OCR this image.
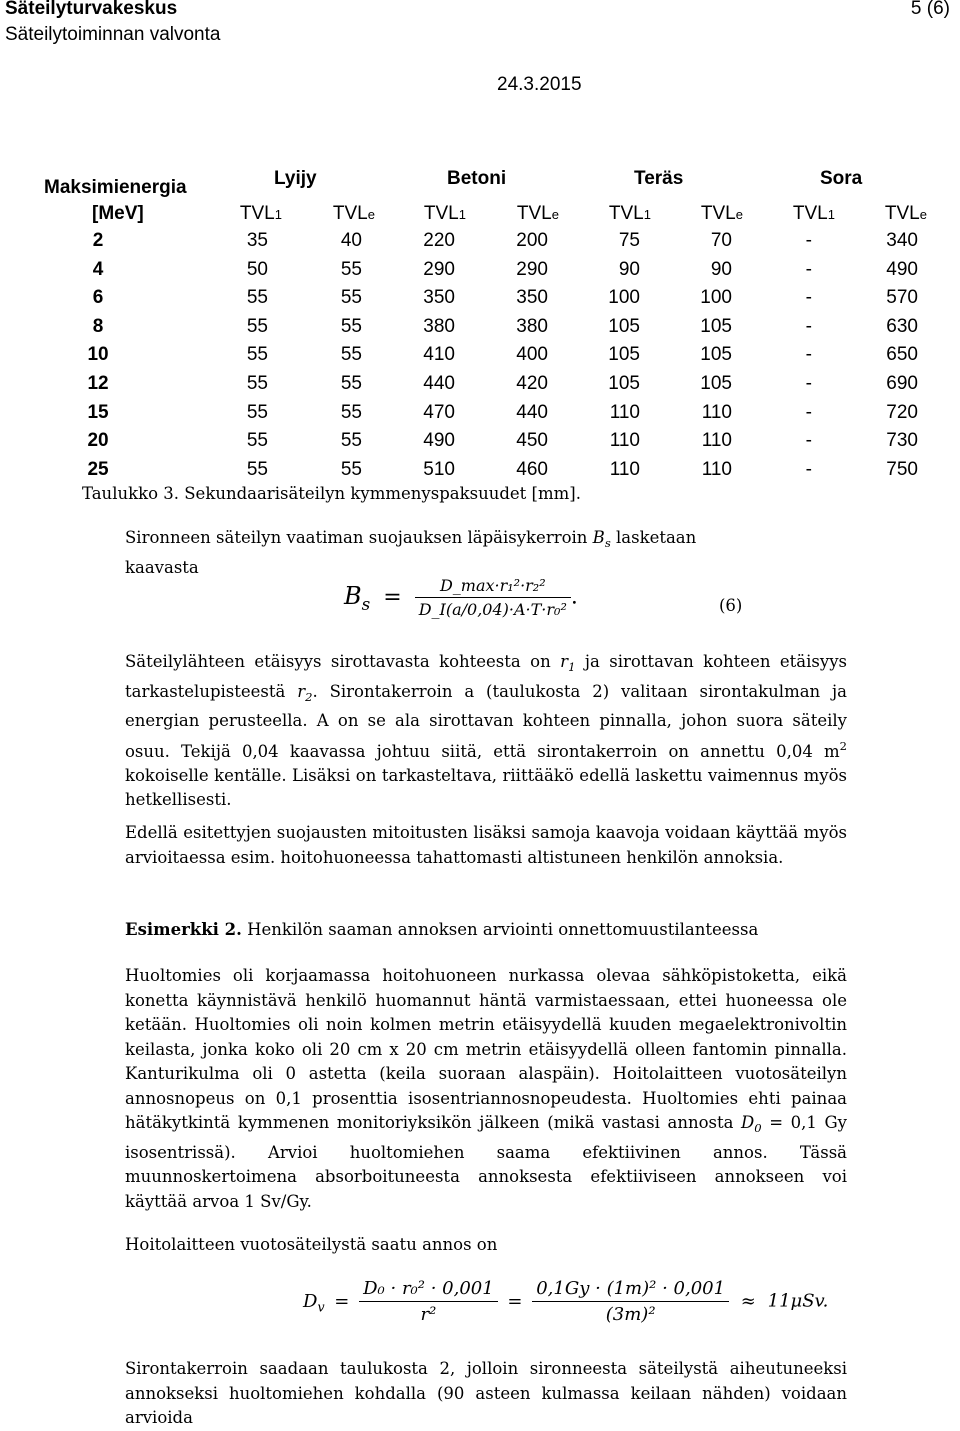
Säteilyturvakeskus
Säteilytoiminnan valvonta
5 (6)
24.3.2015
Maksimienergia	Lyijy	Betoni	Teräs	Sora
[MeV]	TVL1	TVLe	TVL1	TVLe	TVL1	TVLe	TVL1	TVLe
2	35	40	220	200	75	70	-	340
4	50	55	290	290	90	90	-	490
6	55	55	350	350	100	100	-	570
8	55	55	380	380	105	105	-	630
10	55	55	410	400	105	105	-	650
12	55	55	440	420	105	105	-	690
15	55	55	470	440	110	110	-	720
20	55	55	490	450	110	110	-	730
25	55	55	510	460	110	110	-	750
Taulukko 3. Sekundaarisäteilyn kymmenyspaksuudet [mm].
Sironneen säteilyn vaatiman suojauksen läpäisykerroin $B_s$ lasketaan kaavasta
$B_s = \frac{\text{D\_max·r₁²·r₂²}}{\text{D\_I(a/0,04)·A·T·r₀²}}$ .	(6)
Säteilylähteen etäisyys sirottavasta kohteesta on $r_1$ ja sirottavan kohteen etäisyys tarkastelupisteestä $r_2$. Sirontakerroin a (taulukosta 2) valitaan sirontakulman ja energian perusteella. A on se ala sirottavan kohteen pinnalla, johon suora säteily osuu. Tekijä 0,04 kaavassa johtuu siitä, että sirontakerroin on annettu 0,04 $m^2$ kokoiselle kentälle. Lisäksi on tarkasteltava, riittääkö edellä laskettu vaimennus myös hetkellisesti.
Edellä esitettyjen suojausten mitoitusten lisäksi samoja kaavoja voidaan käyttää myös arvioitaessa esim. hoitohuoneessa tahattomasti altistuneen henkilön annoksia.
Esimerkki 2. Henkilön saaman annoksen arviointi onnettomuustilanteessa
Huoltomies oli korjaamassa hoitohuoneen nurkassa olevaa sähköpistoketta, eikä konetta käynnistävä henkilö huomannut häntä varmistaessaan, ettei huoneessa ole ketään. Huoltomies oli noin kolmen metrin etäisyydellä kuuden megaelektronivoltin keilasta, jonka koko oli 20 cm x 20 cm metrin etäisyydellä olleen fantomin pinnalla. Kanturikulma oli 0 astetta (keila suoraan alaspäin). Hoitolaitteen vuotosäteilyn annosnopeus on 0,1 prosenttia isosentriannosnopeudesta. Huoltomies ehti painaa hätäkytkintä kymmenen monitoriyksikön jälkeen (mikä vastasi annosta $D_0 = 0,1$ Gy isosentrissä). Arvioi huoltomiehen saama efektiivinen annos. Tässä muunnoskertoimena absorboituneesta annoksesta efektiiviseen annokseen voi käyttää arvoa 1 Sv/Gy.
Hoitolaitteen vuotosäteilystä saatu annos on
$D_v = \frac{\text{D₀ · r₀² · 0,001}}{\text{r²}} = \frac{\text{0,1Gy · (1m)² · 0,001}}{\text{(3m)²}} \approx 11\mu Sv$.
Sirontakerroin saadaan taulukosta 2, jolloin sironneesta säteilystä aiheutuneeksi annokseksi huoltomiehen kohdalla (90 asteen kulmassa keilaan nähden) voidaan arvioida
